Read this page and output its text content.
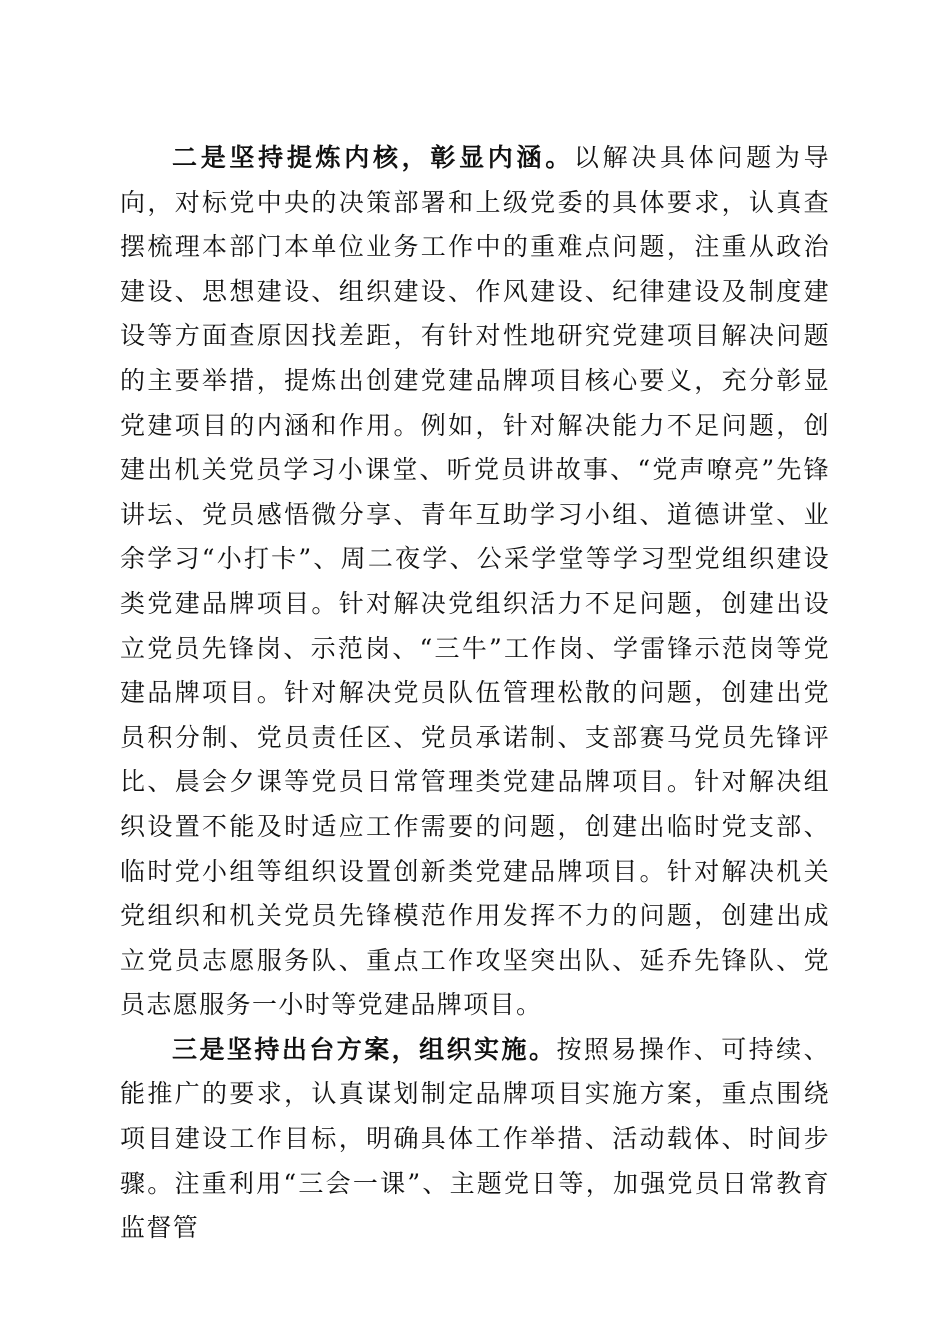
二是坚持提炼内核，彰显内涵。以解决具体问题为导向，对标党中央的决策部署和上级党委的具体要求，认真查摆梳理本部门本单位业务工作中的重难点问题，注重从政治建设、思想建设、组织建设、作风建设、纪律建设及制度建设等方面查原因找差距，有针对性地研究党建项目解决问题的主要举措，提炼出创建党建品牌项目核心要义，充分彰显党建项目的内涵和作用。例如，针对解决能力不足问题，创建出机关党员学习小课堂、听党员讲故事、“党声嘹亮”先锋讲坛、党员感悟微分享、青年互助学习小组、道德讲堂、业余学习“小打卡”、周二夜学、公采学堂等学习型党组织建设类党建品牌项目。针对解决党组织活力不足问题，创建出设立党员先锋岗、示范岗、“三牛”工作岗、学雷锋示范岗等党建品牌项目。针对解决党员队伍管理松散的问题，创建出党员积分制、党员责任区、党员承诺制、支部赛马党员先锋评比、晨会夕课等党员日常管理类党建品牌项目。针对解决组织设置不能及时适应工作需要的问题，创建出临时党支部、临时党小组等组织设置创新类党建品牌项目。针对解决机关党组织和机关党员先锋模范作用发挥不力的问题，创建出成立党员志愿服务队、重点工作攻坚突出队、延乔先锋队、党员志愿服务一小时等党建品牌项目。

三是坚持出台方案，组织实施。按照易操作、可持续、能推广的要求，认真谋划制定品牌项目实施方案，重点围绕项目建设工作目标，明确具体工作举措、活动载体、时间步骤。注重利用“三会一课”、主题党日等，加强党员日常教育监督管
